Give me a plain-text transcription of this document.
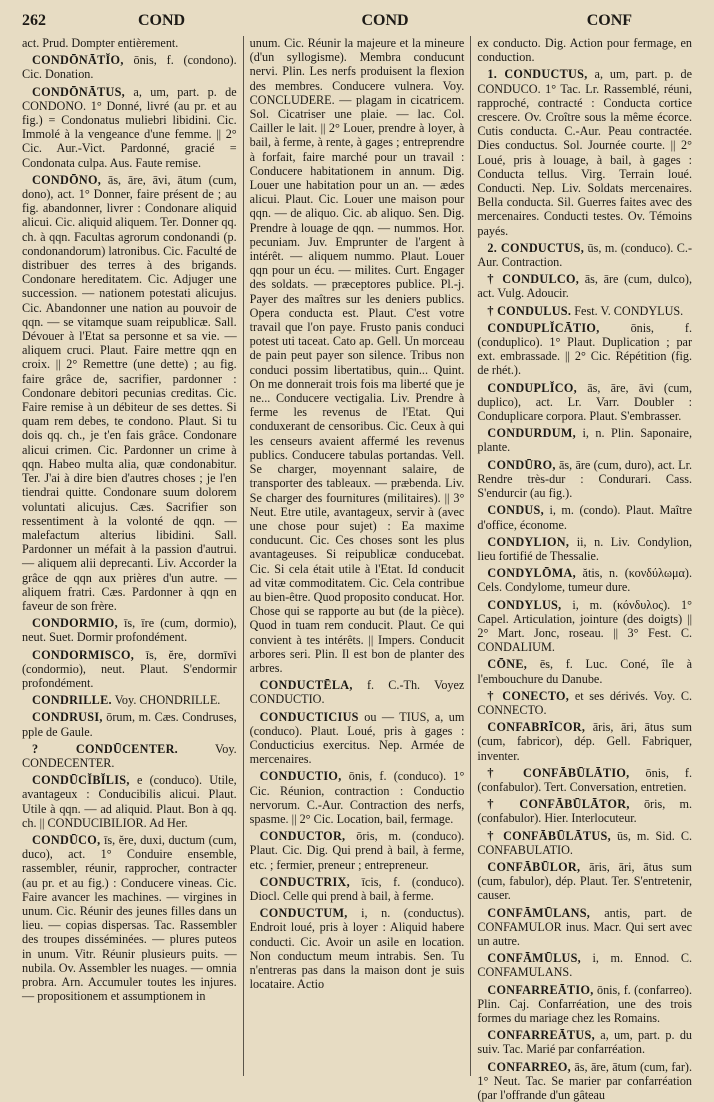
262	COND	COND	CONF

act. Prud. Dompter entièrement.

CONDŌNĀTĬO, ōnis, f. (condono). Cic. Donation.

CONDŌNĀTUS, a, um, part. p. de CONDONO. 1° Donné, livré (au pr. et au fig.) = Condonatus muliebri libidini. Cic. Immolé à la vengeance d'une femme. || 2° Cic. Aur.-Vict. Pardonné, gracié = Condonata culpa. Aus. Faute remise.

CONDŌNO, ās, āre, āvi, ātum (cum, dono), act. 1° Donner, faire présent de ; au fig. abandonner, livrer : Condonare aliquid alicui. Cic. aliquid aliquem. Ter. Donner qq. ch. à qqn. Facultas agrorum condonandi (p. condonandorum) latronibus. Cic. Faculté de distribuer des terres à des brigands. Condonare hereditatem. Cic. Adjuger une succession. — nationem potestati alicujus. Cic. Abandonner une nation au pouvoir de qqn. — se vitamque suam reipublicæ. Sall. Dévouer à l'Etat sa personne et sa vie. — aliquem cruci. Plaut. Faire mettre qqn en croix. || 2° Remettre (une dette) ; au fig. faire grâce de, sacrifier, pardonner : Condonare debitori pecunias creditas. Cic. Faire remise à un débiteur de ses dettes. Si quam rem debes, te condono. Plaut. Si tu dois qq. ch., je t'en fais grâce. Condonare alicui crimen. Cic. Pardonner un crime à qqn. Habeo multa alia, quæ condonabitur. Ter. J'ai à dire bien d'autres choses ; je l'en tiendrai quitte. Condonare suum dolorem voluntati alicujus. Cæs. Sacrifier son ressentiment à la volonté de qqn. — malefactum alterius libidini. Sall. Pardonner un méfait à la passion d'autrui. — aliquem alii deprecanti. Liv. Accorder la grâce de qqn aux prières d'un autre. — aliquem fratri. Cæs. Pardonner à qqn en faveur de son frère.

CONDORMIO, īs, īre (cum, dormio), neut. Suet. Dormir profondément.

CONDORMISCO, īs, ĕre, dormīvi (condormio), neut. Plaut. S'endormir profondément.

CONDRILLE. Voy. CHONDRILLE.

CONDRUSI, ōrum, m. Cæs. Condruses, pple de Gaule.

? CONDŪCENTER.	Voy. CONDECENTER.

CONDŪCĬBĬLIS, e (conduco). Utile, avantageux : Conducibilis alicui. Plaut. Utile à qqn. — ad aliquid. Plaut. Bon à qq. ch. || CONDUCIBILIOR. Ad Her.

CONDŪCO, īs, ĕre, duxi, ductum (cum, duco), act. 1° Conduire ensemble, rassembler, réunir, rapprocher, contracter (au pr. et au fig.) : Conducere vineas. Cic. Faire avancer les machines. — virgines in unum. Cic. Réunir des jeunes filles dans un lieu. — copias dispersas. Tac. Rassembler des troupes disséminées. — plures puteos in unum. Vitr. Réunir plusieurs puits. — nubila. Ov. Assembler les nuages. — omnia probra. Arn. Accumuler toutes les injures. — propositionem et assumptionem in

unum. Cic. Réunir la majeure et la mineure (d'un syllogisme). Membra conducunt nervi. Plin. Les nerfs produisent la flexion des membres. Conducere vulnera. Voy. CONCLUDERE. — plagam in cicatricem. Sol. Cicatriser une plaie. — lac. Col. Cailler le lait. || 2° Louer, prendre à loyer, à bail, à ferme, à rente, à gages ; entreprendre à forfait, faire marché pour un travail : Conducere habitationem in annum. Dig. Louer une habitation pour un an. — ædes alicui. Plaut. Cic. Louer une maison pour qqn. — de aliquo. Cic. ab aliquo. Sen. Dig. Prendre à louage de qqn. — nummos. Hor. pecuniam. Juv. Emprunter de l'argent à intérêt. — aliquem nummo. Plaut. Louer qqn pour un écu. — milites. Curt. Engager des soldats. — præceptores publice. Pl.-j. Payer des maîtres sur les deniers publics. Opera conducta est. Plaut. C'est votre travail que l'on paye. Frusto panis conduci potest uti taceat. Cato ap. Gell. Un morceau de pain peut payer son silence. Tribus non conduci possim libertatibus, quin... Quint. On me donnerait trois fois ma liberté que je ne... Conducere vectigalia. Liv. Prendre à ferme les revenus de l'Etat. Qui conduxerant de censoribus. Cic. Ceux à qui les censeurs avaient affermé les revenus publics. Conducere tabulas portandas. Vell. Se charger, moyennant salaire, de transporter des tableaux. — præbenda. Liv. Se charger des fournitures (militaires). || 3° Neut. Etre utile, avantageux, servir à (avec une chose pour sujet) : Ea maxime conducunt. Cic. Ces choses sont les plus avantageuses. Si reipublicæ conducebat. Cic. Si cela était utile à l'Etat. Id conducit ad vitæ commoditatem. Cic. Cela contribue au bien-être. Quod proposito conducat. Hor. Chose qui se rapporte au but (de la pièce). Quod in tuam rem conducit. Plaut. Ce qui convient à tes intérêts. || Impers. Conducit arbores seri. Plin. Il est bon de planter des arbres.

CONDUCTĒLA, f. C.-Th. Voyez CONDUCTIO.

CONDUCTICIUS ou — TIUS, a, um (conduco). Plaut. Loué, pris à gages : Conducticius exercitus. Nep. Armée de mercenaires.

CONDUCTIO, ōnis, f. (conduco). 1° Cic. Réunion, contraction : Conductio nervorum. C.-Aur. Contraction des nerfs, spasme. || 2° Cic. Location, bail, fermage.

CONDUCTOR, ōris, m. (conduco). Plaut. Cic. Dig. Qui prend à bail, à ferme, etc. ; fermier, preneur ; entrepreneur.

CONDUCTRIX, īcis, f. (conduco). Diocl. Celle qui prend à bail, à ferme.

CONDUCTUM, i, n. (conductus). Endroit loué, pris à loyer : Aliquid habere conducti. Cic. Avoir un asile en location. Non conductum meum intrabis. Sen. Tu n'entreras pas dans la maison dont je suis locataire. Actio

ex conducto. Dig. Action pour fermage, en conduction.

1. CONDUCTUS, a, um, part. p. de CONDUCO. 1° Tac. Lr. Rassemblé, réuni, rapproché, contracté : Conducta cortice crescere. Ov. Croître sous la même écorce. Cutis conducta. C.-Aur. Peau contractée. Dies conductus. Sol. Journée courte. || 2° Loué, pris à louage, à bail, à gages : Conducta tellus. Virg. Terrain loué. Conducti. Nep. Liv. Soldats mercenaires. Bella conducta. Sil. Guerres faites avec des mercenaires. Conducti testes. Ov. Témoins payés.

2. CONDUCTUS, ūs, m. (conduco). C.-Aur. Contraction.

† CONDULCO, ās, āre (cum, dulco), act. Vulg. Adoucir.

† CONDULUS. Fest. V. CONDYLUS.

CONDUPLĬCĀTIO,	ōnis, f. (conduplico). 1° Plaut. Duplication ; par ext. embrassade. || 2° Cic. Répétition (fig. de rhét.).

CONDUPLĬCO, ās, āre, āvi (cum, duplico), act. Lr. Varr. Doubler : Conduplicare corpora. Plaut. S'embrasser.

CONDURDUM, i, n. Plin. Saponaire, plante.

CONDŪRO, ās, āre (cum, duro), act. Lr. Rendre très-dur : Condurari. Cass. S'endurcir (au fig.).

CONDUS, i, m. (condo). Plaut. Maître d'office, économe.

CONDYLION, ii, n. Liv. Condylion, lieu fortifié de Thessalie.

CONDYLŌMA, ătis, n. (κονδύλωμα). Cels. Condylome, tumeur dure.

CONDYLUS, i, m. (κόνδυλος). 1° Capel. Articulation, jointure (des doigts) || 2° Mart. Jonc, roseau. || 3° Fest. C. CONDALIUM.

CŌNE, ēs, f. Luc. Coné, île à l'embouchure du Danube.

† CONECTO, et ses dérivés. Voy. C. CONNECTO.

CONFABRĪCOR, āris, āri, ātus sum (cum, fabricor), dép. Gell. Fabriquer, inventer.

† CONFĀBŪLĀTIO, ōnis, f. (confabulor). Tert. Conversation, entretien.

† CONFĀBŪLĀTOR, ōris, m. (confabulor). Hier. Interlocuteur.

† CONFĀBŪLĀTUS, ūs, m. Sid. C. CONFABULATIO.

CONFĀBŪLOR, āris, āri, ātus sum (cum, fabulor), dép. Plaut. Ter. S'entretenir, causer.

CONFĀMŪLANS, antis, part. de CONFAMULOR inus. Macr. Qui sert avec un autre.

CONFĀMŪLUS, i, m. Ennod. C. CONFAMULANS.

CONFARREĀTIO, ōnis, f. (confarreo). Plin. Caj. Confarréation, une des trois formes du mariage chez les Romains.

CONFARREĀTUS, a, um, part. p. du suiv. Tac. Marié par confarréation.

CONFARREO, ās, āre, ātum (cum, far). 1° Neut. Tac. Se marier par confarréation (par l'offrande d'un gâteau
